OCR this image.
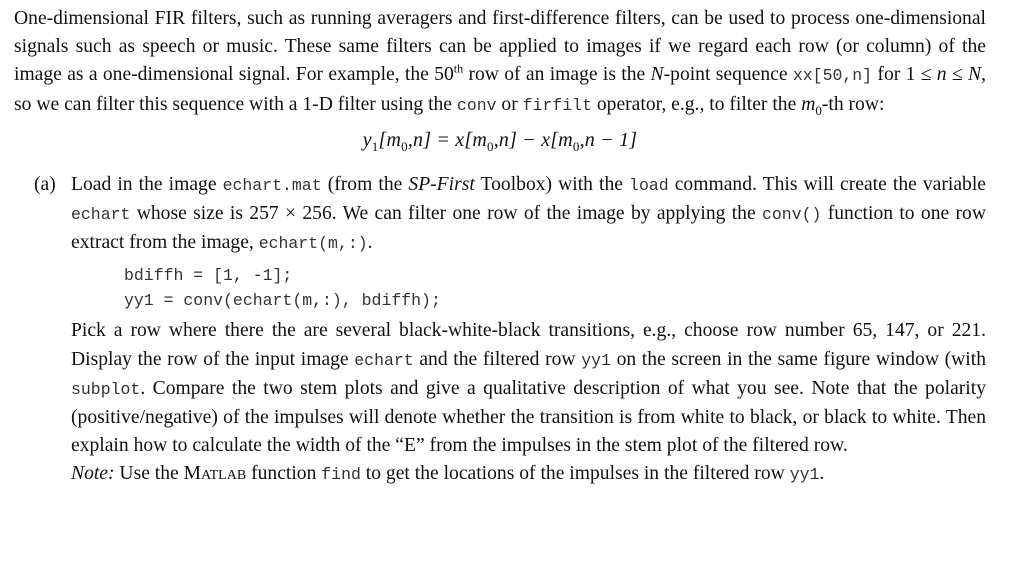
One-dimensional FIR filters, such as running averagers and first-difference filters, can be used to process one-dimensional signals such as speech or music. These same filters can be applied to images if we regard each row (or column) of the image as a one-dimensional signal. For example, the 50th row of an image is the N-point sequence xx[50,n] for 1 ≤ n ≤ N, so we can filter this sequence with a 1-D filter using the conv or firfilt operator, e.g., to filter the $m_0-th$ row:

$y_1[m_0,n] = x[m_0,n] - x[m_0,n - 1]$
(a) Load in the image echart.mat (from the SP-First Toolbox) with the load command. This will create the variable echart whose size is 257 × 256. We can filter one row of the image by applying the conv() function to one row extract from the image, echart(m,:).

bdiffh = [1, -1];
yy1 = conv(echart(m,:), bdiffh);

Pick a row where there the are several black-white-black transitions, e.g., choose row number 65, 147, or 221. Display the row of the input image echart and the filtered row yy1 on the screen in the same figure window (with subplot. Compare the two stem plots and give a qualitative description of what you see. Note that the polarity (positive/negative) of the impulses will denote whether the transition is from white to black, or black to white. Then explain how to calculate the width of the “E” from the impulses in the stem plot of the filtered row.

Note: Use the Matlab function find to get the locations of the impulses in the filtered row yy1.
